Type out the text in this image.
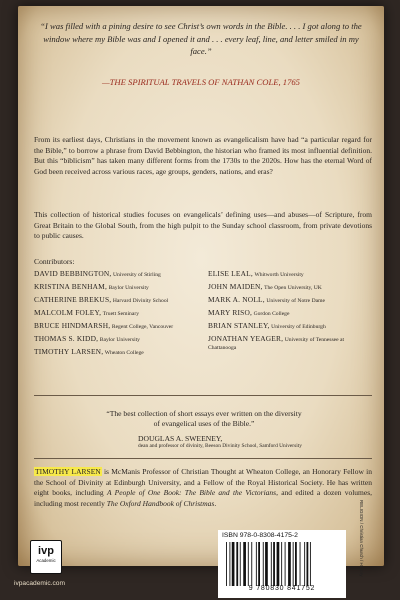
“I was filled with a pining desire to see Christ’s own words in the Bible. . . . I got along to the window where my Bible was and I opened it and . . . every leaf, line, and letter smiled in my face.”
—THE SPIRITUAL TRAVELS OF NATHAN COLE, 1765

From its earliest days, Christians in the movement known as evangelicalism have had “a particular regard for the Bible,” to borrow a phrase from David Bebbington, the historian who framed its most influential definition. But this “biblicism” has taken many different forms from the 1730s to the 2020s. How has the eternal Word of God been received across various races, age groups, genders, nations, and eras?

This collection of historical studies focuses on evangelicals’ defining uses—and abuses—of Scripture, from Great Britain to the Global South, from the high pulpit to the Sunday school classroom, from private devotions to public causes.

Contributors:
DAVID BEBBINGTON, University of Stirling
KRISTINA BENHAM, Baylor University
CATHERINE BREKUS, Harvard Divinity School
MALCOLM FOLEY, Truett Seminary
BRUCE HINDMARSH, Regent College, Vancouver
THOMAS S. KIDD, Baylor University
TIMOTHY LARSEN, Wheaton College
ELISE LEAL, Whitworth University
JOHN MAIDEN, The Open University, UK
MARK A. NOLL, University of Notre Dame
MARY RISO, Gordon College
BRIAN STANLEY, University of Edinburgh
JONATHAN YEAGER, University of Tennessee at Chattanooga
“The best collection of short essays ever written on the diversity of evangelical uses of the Bible.”
DOUGLAS A. SWEENEY,
dean and professor of divinity, Beeson Divinity School, Samford University

TIMOTHY LARSEN is McManis Professor of Christian Thought at Wheaton College, an Honorary Fellow in the School of Divinity at Edinburgh University, and a Fellow of the Royal Historical Society. He has written eight books, including A People of One Book: The Bible and the Victorians, and edited a dozen volumes, including most recently The Oxford Handbook of Christmas.	RELIGION / Christian Church / History
ISBN 978-0-8308-4175-2
9 780830 841752
ivp
Academic
ivpacademic.com
